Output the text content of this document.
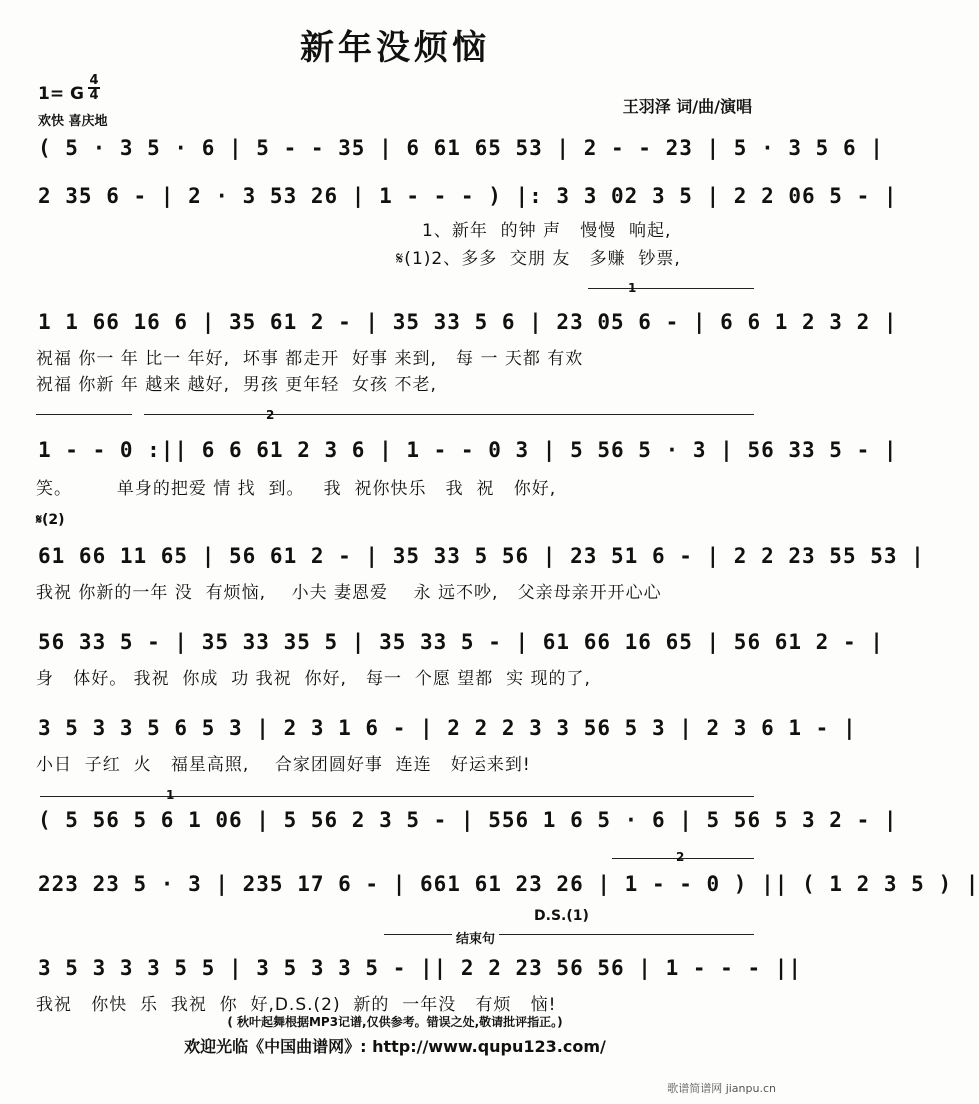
新年没烦恼
1= G
4
4
欢快 喜庆地
王羽泽 词/曲/演唱
( 5 · 3 5 · 6 | 5 - - 35 | 6 61 65 53 | 2 - - 23 | 5 · 3 5 6 |
2 35 6 - | 2 · 3 53 26 | 1 - - - ) |: 3 3 02 3 5 | 2 2 06 5 - |
1、新年  的钟 声   慢慢  响起,
𝄋(1)2、多多  交朋 友   多赚  钞票,
1
1 1 66 16 6 | 35 61 2 - | 35 33 5 6 | 23 05 6 - | 6 6 1 2 3 2 |
祝福 你一 年 比一 年好,  坏事 都走开  好事 来到,   每 一 天都 有欢
祝福 你新 年 越来 越好,  男孩 更年轻  女孩 不老,
2
1 - - 0 :|| 6 6 61 2 3 6 | 1 - - 0 3 | 5 56 5 · 3 | 56 33 5 - |
笑。       单身的把爱 情 找  到。   我  祝你快乐   我  祝   你好,
𝄋(2)
61 66 11 65 | 56 61 2 - | 35 33 5 56 | 23 51 6 - | 2 2 23 55 53 |
我祝 你新的一年 没  有烦恼,    小夫 妻恩爱    永 远不吵,   父亲母亲开开心心
56 33 5 - | 35 33 35 5 | 35 33 5 - | 61 66 16 65 | 56 61 2 - |
身   体好。 我祝  你成  功 我祝  你好,   每一  个愿 望都  实 现的了,
3 5 3 3 5 6 5 3 | 2 3 1 6 - | 2 2 2 3 3 56 5 3 | 2 3 6 1 - |
小日  子红  火   福星高照,    合家团圆好事  连连   好运来到!
1
( 5 56 5 6 1 06 | 5 56 2 3 5 - | 556 1 6 5 · 6 | 5 56 5 3 2 - |
2
223 23 5 · 3 | 235 17 6 - | 661 61 23 26 | 1 - - 0 ) || ( 1 2 3 5 ) |
D.S.(1)
结束句
3 5 3 3 3 5 5 | 3 5 3 3 5 - || 2 2 23 56 56 | 1 - - - ||
我祝   你快  乐  我祝  你  好,D.S.(2)  新的  一年没   有烦   恼!
( 秋叶起舞根据MP3记谱,仅供参考。错误之处,敬请批评指正。)
欢迎光临《中国曲谱网》: http://www.qupu123.com/
歌谱简谱网 jianpu.cn
